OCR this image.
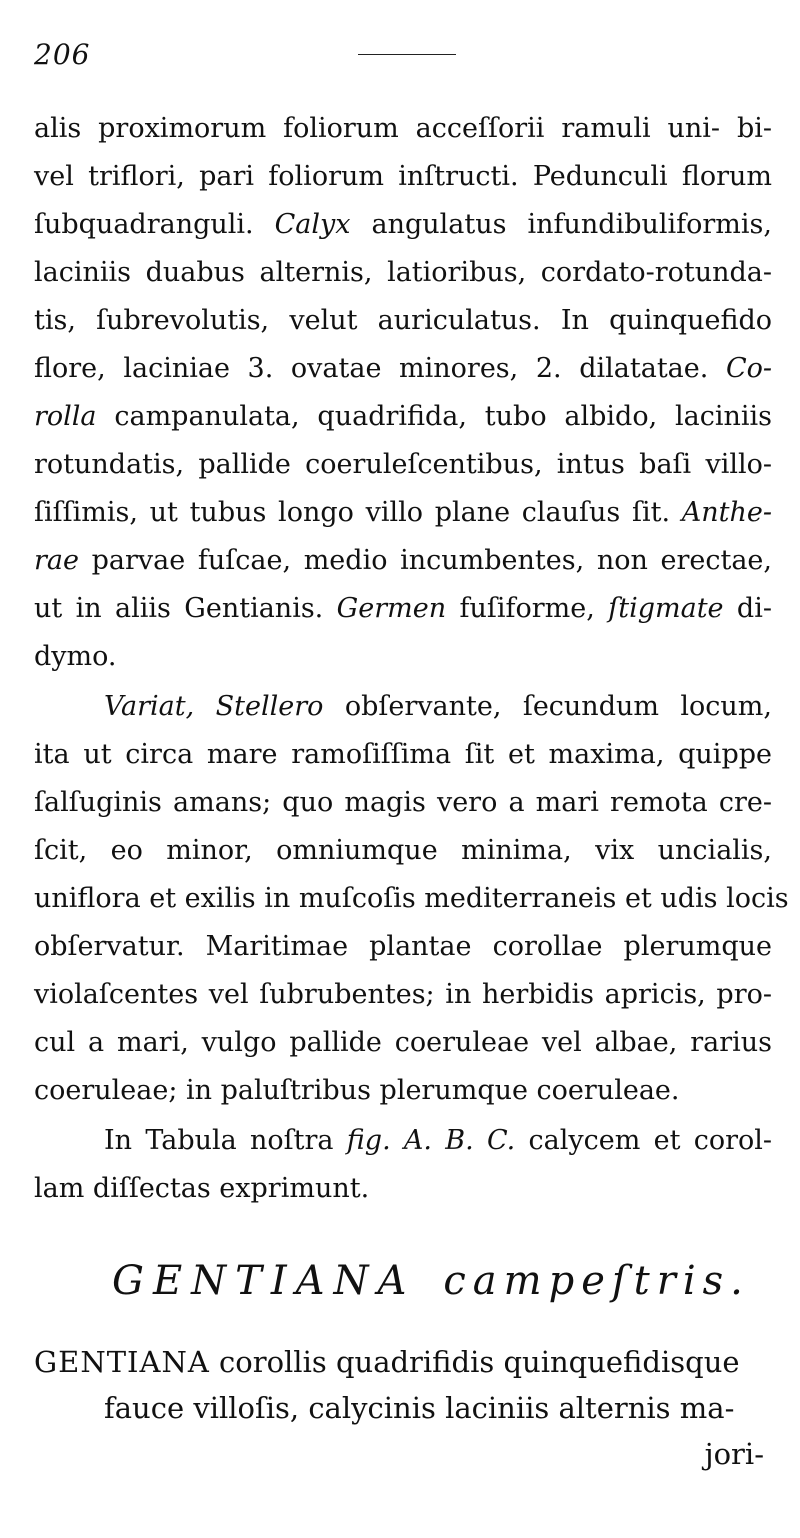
206
alis proximorum foliorum acceſſorii ramuli uni- bi-
vel triflori, pari foliorum inſtructi. Pedunculi florum
ſubquadranguli. Calyx angulatus infundibuliformis,
laciniis duabus alternis, latioribus, cordato-rotunda-
tis, ſubrevolutis, velut auriculatus. In quinquefido
flore, laciniae 3. ovatae minores, 2. dilatatae. Co-
rolla campanulata, quadrifida, tubo albido, laciniis
rotundatis, pallide coeruleſcentibus, intus baſi villo-
ſiſſimis, ut tubus longo villo plane clauſus ſit. Anthe-
rae parvae fuſcae, medio incumbentes, non erectae,
ut in aliis Gentianis. Germen fuſiforme, ſtigmate di-
dymo.
Variat, Stellero obſervante, ſecundum locum,
ita ut circa mare ramoſiſſima ſit et maxima, quippe
ſalſuginis amans; quo magis vero a mari remota cre-
ſcit, eo minor, omniumque minima, vix uncialis,
uniflora et exilis in muſcoſis mediterraneis et udis locis
obſervatur. Maritimae plantae corollae plerumque
violaſcentes vel ſubrubentes; in herbidis apricis, pro-
cul a mari, vulgo pallide coeruleae vel albae, rarius
coeruleae; in paluſtribus plerumque coeruleae.
In Tabula noſtra fig. A. B. C. calycem et corol-
lam diſſectas exprimunt.
GENTIANA campeſtris.
GENTIANA corollis quadrifidis quinquefidisque
fauce villoſis, calycinis laciniis alternis ma-
jori-
